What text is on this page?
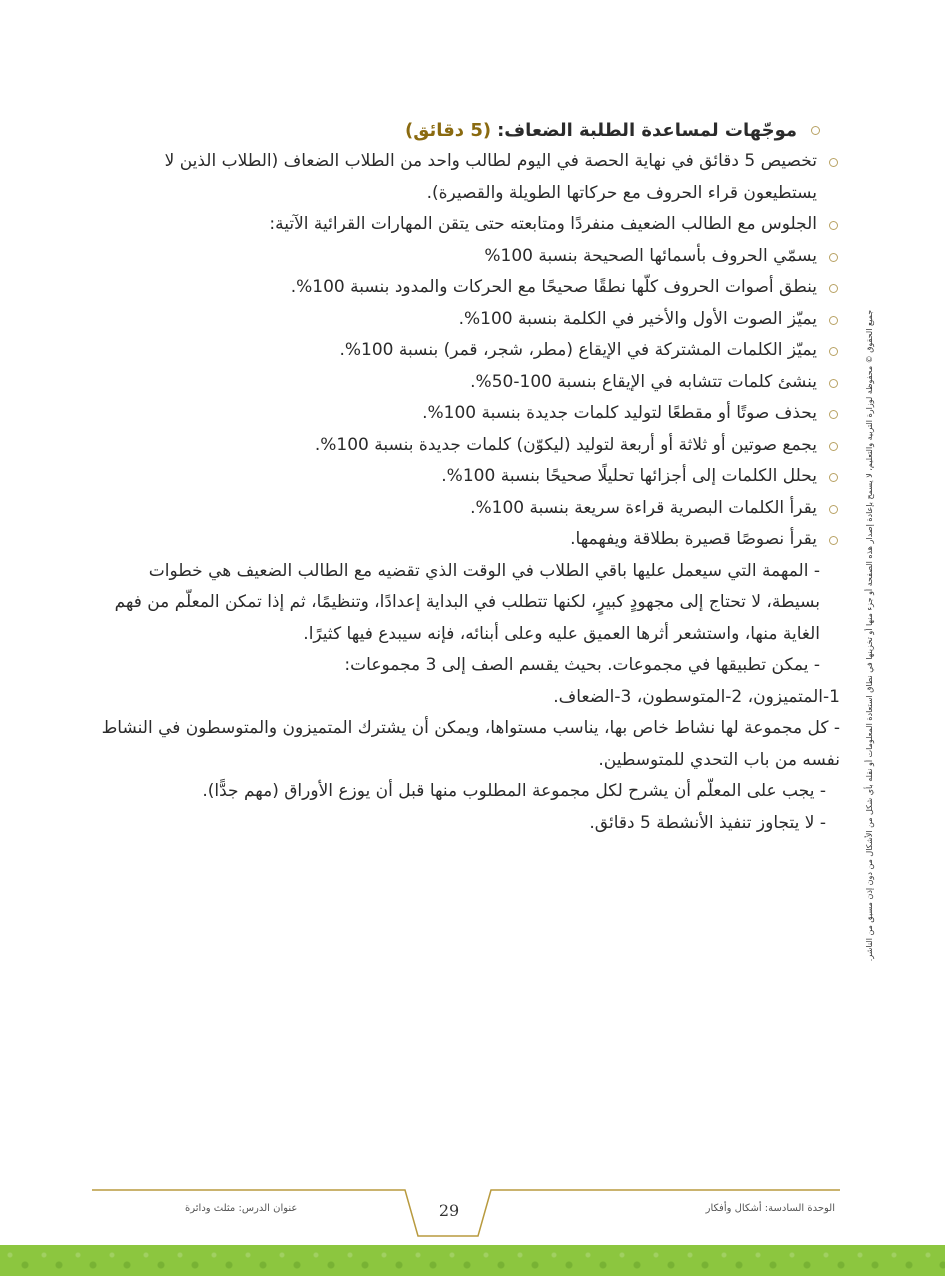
موجّهات لمساعدة الطلبة الضعاف:
(5 دقائق)
تخصيص 5 دقائق في نهاية الحصة في اليوم لطالب واحد من الطلاب الضعاف (الطلاب الذين لا يستطيعون قراء الحروف مع حركاتها الطويلة والقصيرة).
الجلوس مع الطالب الضعيف منفردًا ومتابعته حتى يتقن المهارات القرائية الآتية:
يسمّي الحروف بأسمائها الصحيحة بنسبة 100%
ينطق أصوات الحروف كلّها نطقًا صحيحًا مع الحركات والمدود بنسبة 100%.
يميّز الصوت الأول والأخير في الكلمة بنسبة 100%.
يميّز الكلمات المشتركة في الإيقاع (مطر، شجر، قمر) بنسبة 100%.
ينشئ كلمات تتشابه في الإيقاع بنسبة 100-50%.
يحذف صوتًا أو مقطعًا لتوليد كلمات جديدة بنسبة 100%.
يجمع صوتين أو ثلاثة أو أربعة لتوليد (ليكوّن) كلمات جديدة بنسبة 100%.
يحلل الكلمات إلى أجزائها تحليلًا صحيحًا بنسبة 100%.
يقرأ الكلمات البصرية قراءة سريعة بنسبة 100%.
يقرأ نصوصًا قصيرة بطلاقة ويفهمها.
- المهمة التي سيعمل عليها باقي الطلاب في الوقت الذي تقضيه مع الطالب الضعيف هي خطوات بسيطة، لا تحتاج إلى مجهودٍ كبيرٍ، لكنها تتطلب في البداية إعدادًا، وتنظيمًا، ثم إذا تمكن المعلّم من فهم الغاية منها، واستشعر أثرها العميق عليه وعلى أبنائه، فإنه سيبدع فيها كثيرًا.
- يمكن تطبيقها في مجموعات. بحيث يقسم الصف إلى 3 مجموعات:
1-المتميزون، 2-المتوسطون، 3-الضعاف.
- كل مجموعة لها نشاط خاص بها، يناسب مستواها، ويمكن أن يشترك المتميزون والمتوسطون في النشاط نفسه من باب التحدي للمتوسطين.
- يجب على المعلّم أن يشرح لكل مجموعة المطلوب منها قبل أن يوزع الأوراق (مهم جدًّا).
- لا يتجاوز تنفيذ الأنشطة 5 دقائق.	جميع الحقوق © محفوظة لوزارة التربية والتعليم، لا يسمح بإعادة إصدار هذه الصفحة أو جزء منها أو تخزينها في نطاق استعادة المعلومات أو نقله بأي شكل من الأشكال من دون إذن مسبق من الناشر.
عنوان الدرس: مثلث ودائرة	29	الوحدة السادسة: أشكال وأفكار
